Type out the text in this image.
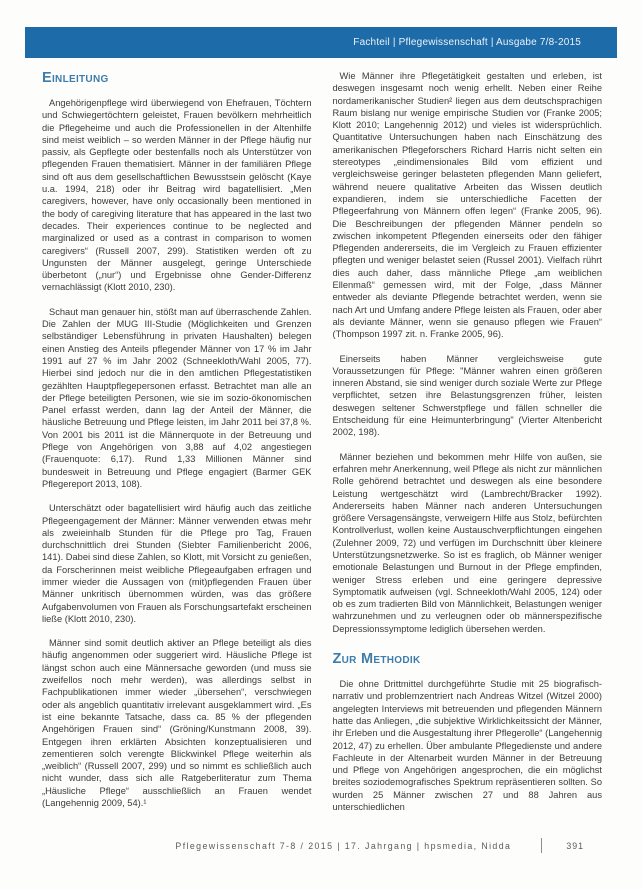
Fachteil | Pflegewissenschaft | Ausgabe 7/8-2015
Einleitung

Angehörigenpflege wird überwiegend von Ehefrauen, Töchtern und Schwiegertöchtern geleistet, Frauen bevölkern mehrheitlich die Pflegeheime und auch die Professionellen in der Altenhilfe sind meist weiblich – so werden Männer in der Pflege häufig nur passiv, als Gepflegte oder bestenfalls noch als Unterstützer von pflegenden Frauen thematisiert. Männer in der familiären Pflege sind oft aus dem gesellschaftlichen Bewusstsein gelöscht (Kaye u.a. 1994, 218) oder ihr Beitrag wird bagatellisiert. „Men caregivers, however, have only occasionally been mentioned in the body of caregiving literature that has appeared in the last two decades. Their experiences continue to be neglected and marginalized or used as a contrast in comparison to women caregivers“ (Russell 2007, 299). Statistiken werden oft zu Ungunsten der Männer ausgelegt, geringe Unterschiede überbetont („nur“) und Ergebnisse ohne Gender-Differenz vernachlässigt (Klott 2010, 230).

Schaut man genauer hin, stößt man auf überraschende Zahlen. Die Zahlen der MUG III-Studie (Möglichkeiten und Grenzen selbständiger Lebensführung in privaten Haushalten) belegen einen Anstieg des Anteils pflegender Männer von 17 % im Jahr 1991 auf 27 % im Jahr 2002 (Schneekloth/Wahl 2005, 77). Hierbei sind jedoch nur die in den amtlichen Pflegestatistiken gezählten Hauptpflegepersonen erfasst. Betrachtet man alle an der Pflege beteiligten Personen, wie sie im sozio-ökonomischen Panel erfasst werden, dann lag der Anteil der Männer, die häusliche Betreuung und Pflege leisten, im Jahr 2011 bei 37,8 %. Von 2001 bis 2011 ist die Männerquote in der Betreuung und Pflege von Angehörigen von 3,88 auf 4,02 angestiegen (Frauenquote: 6,17). Rund 1,33 Millionen Männer sind bundesweit in Betreuung und Pflege engagiert (Barmer GEK Pflegereport 2013, 108).

Unterschätzt oder bagatellisiert wird häufig auch das zeitliche Pflegeengagement der Männer: Männer verwenden etwas mehr als zweieinhalb Stunden für die Pflege pro Tag, Frauen durchschnittlich drei Stunden (Siebter Familienbericht 2006, 141). Dabei sind diese Zahlen, so Klott, mit Vorsicht zu genießen, da Forscherinnen meist weibliche Pflegeaufgaben erfragen und immer wieder die Aussagen von (mit)pflegenden Frauen über Männer unkritisch übernommen würden, was das größere Aufgabenvolumen von Frauen als Forschungsartefakt erscheinen ließe (Klott 2010, 230).

Männer sind somit deutlich aktiver an Pflege beteiligt als dies häufig angenommen oder suggeriert wird. Häusliche Pflege ist längst schon auch eine Männersache geworden (und muss sie zweifellos noch mehr werden), was allerdings selbst in Fachpublikationen immer wieder „übersehen“, verschwiegen oder als angeblich quantitativ irrelevant ausgeklammert wird. „Es ist eine bekannte Tatsache, dass ca. 85 % der pflegenden Angehörigen Frauen sind“ (Gröning/Kunstmann 2008, 39). Entgegen ihren erklärten Absichten konzeptualisieren und zementieren solch verengte Blickwinkel Pflege weiterhin als „weiblich“ (Russell 2007, 299) und so nimmt es schließlich auch nicht wunder, dass sich alle Ratgeberliteratur zum Thema „Häusliche Pflege“ ausschließlich an Frauen wendet (Langehennig 2009, 54).¹

Wie Männer ihre Pflegetätigkeit gestalten und erleben, ist deswegen insgesamt noch wenig erhellt. Neben einer Reihe nordamerikanischer Studien² liegen aus dem deutschsprachigen Raum bislang nur wenige empirische Studien vor (Franke 2005; Klott 2010; Langehennig 2012) und vieles ist widersprüchlich. Quantitative Untersuchungen haben nach Einschätzung des amerikanischen Pflegeforschers Richard Harris nicht selten ein stereotypes „eindimensionales Bild vom effizient und vergleichsweise geringer belasteten pflegenden Mann geliefert, während neuere qualitative Arbeiten das Wissen deutlich expandieren, indem sie unterschiedliche Facetten der Pflegeerfahrung von Männern offen legen“ (Franke 2005, 96). Die Beschreibungen der pflegenden Männer pendeln so zwischen inkompetent Pflegenden einerseits oder den fähiger Pflegenden andererseits, die im Vergleich zu Frauen effizienter pflegten und weniger belastet seien (Russel 2001). Vielfach rührt dies auch daher, dass männliche Pflege „am weiblichen Ellenmaß“ gemessen wird, mit der Folge, „dass Männer entweder als deviante Pflegende betrachtet werden, wenn sie nach Art und Umfang andere Pflege leisten als Frauen, oder aber als deviante Männer, wenn sie genauso pflegen wie Frauen“ (Thompson 1997 zit. n. Franke 2005, 96).

Einerseits haben Männer vergleichsweise gute Voraussetzungen für Pflege: "Männer wahren einen größeren inneren Abstand, sie sind weniger durch soziale Werte zur Pflege verpflichtet, setzen ihre Belastungsgrenzen früher, leisten deswegen seltener Schwerstpflege und fällen schneller die Entscheidung für eine Heimunterbringung" (Vierter Altenbericht 2002, 198).

Männer beziehen und bekommen mehr Hilfe von außen, sie erfahren mehr Anerkennung, weil Pflege als nicht zur männlichen Rolle gehörend betrachtet und deswegen als eine besondere Leistung wertgeschätzt wird (Lambrecht/Bracker 1992). Andererseits haben Männer nach anderen Untersuchungen größere Versagensängste, verweigern Hilfe aus Stolz, befürchten Kontrollverlust, wollen keine Austauschverpflichtungen eingehen (Zulehner 2009, 72) und verfügen im Durchschnitt über kleinere Unterstützungsnetzwerke. So ist es fraglich, ob Männer weniger emotionale Belastungen und Burnout in der Pflege empfinden, weniger Stress erleben und eine geringere depressive Symptomatik aufweisen (vgl. Schneekloth/Wahl 2005, 124) oder ob es zum tradierten Bild von Männlichkeit, Belastungen weniger wahrzunehmen und zu verleugnen oder ob männerspezifische Depressionssymptome lediglich übersehen werden.

Zur Methodik

Die ohne Drittmittel durchgeführte Studie mit 25 biografisch-narrativ und problemzentriert nach Andreas Witzel (Witzel 2000) angelegten Interviews mit betreuenden und pflegenden Männern hatte das Anliegen, „die subjektive Wirklichkeitssicht der Männer, ihr Erleben und die Ausgestaltung ihrer Pflegerolle“ (Langehennig 2012, 47) zu erhellen. Über ambulante Pflegedienste und andere Fachleute in der Altenarbeit wurden Männer in der Betreuung und Pflege von Angehörigen angesprochen, die ein möglichst breites soziodemografisches Spektrum repräsentieren sollten. So wurden 25 Männer zwischen 27 und 88 Jahren aus unterschiedlichen

Pflegewissenschaft 7-8 / 2015 | 17. Jahrgang | hpsmedia, Nidda	391
